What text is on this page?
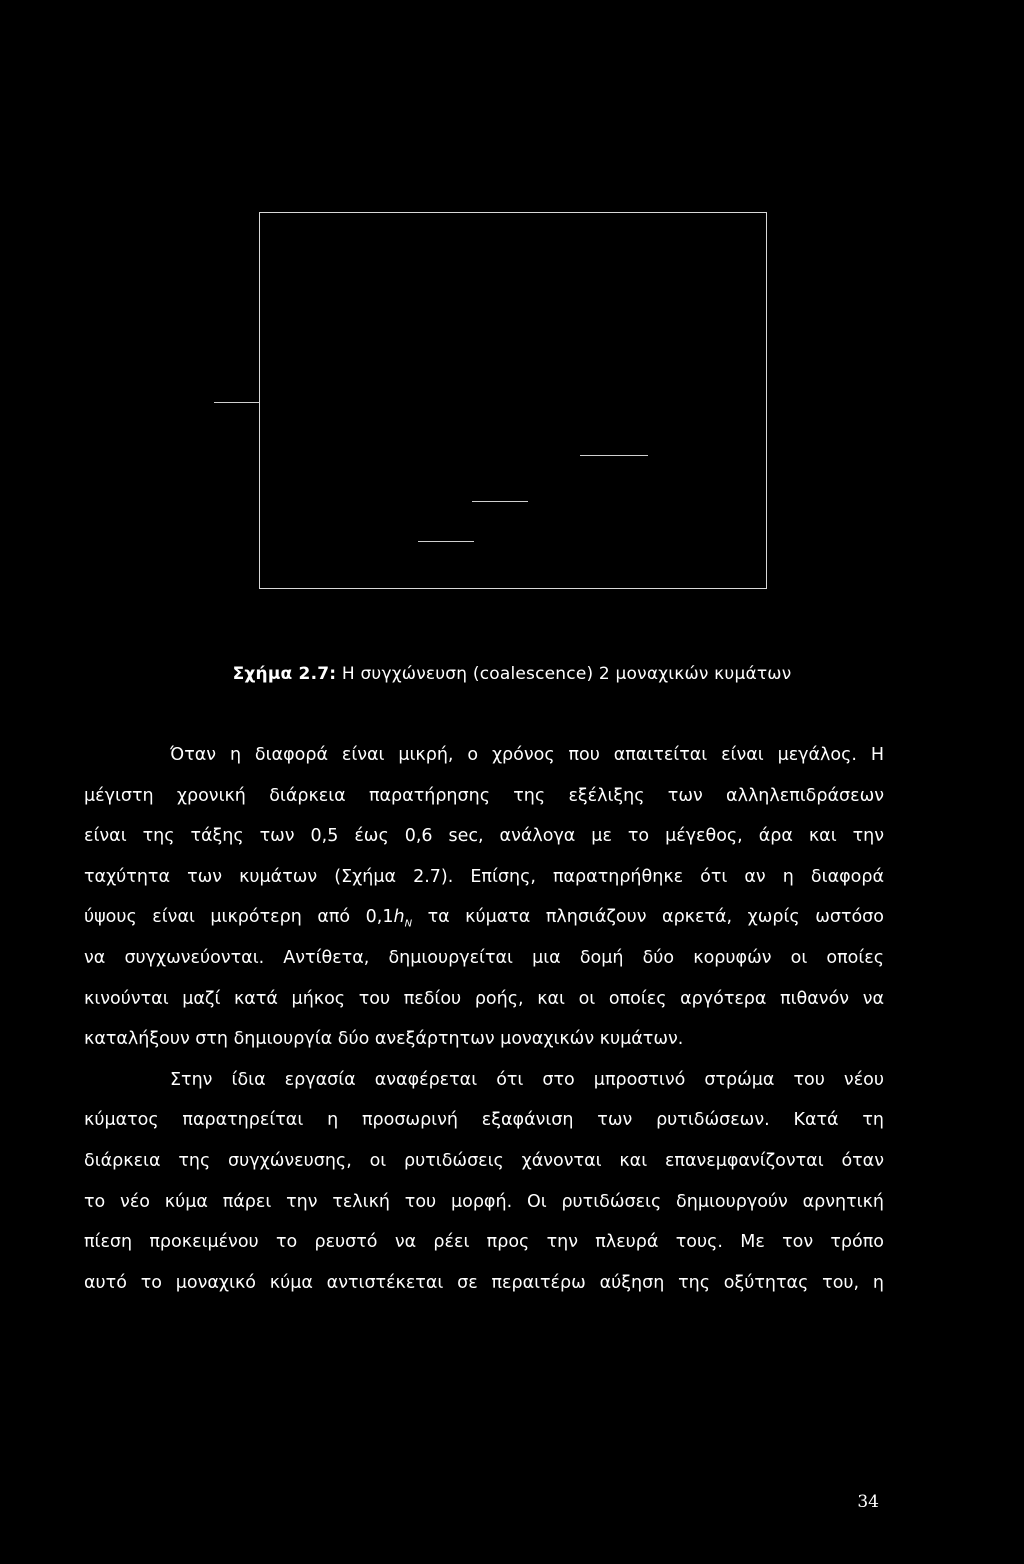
Σχήμα 2.7: Η συγχώνευση (coalescence) 2 μοναχικών κυμάτων
Όταν η διαφορά είναι μικρή, ο χρόνος που απαιτείται είναι μεγάλος. Η
μέγιστη χρονική διάρκεια παρατήρησης της εξέλιξης των αλληλεπιδράσεων
είναι της τάξης των 0,5 έως 0,6 sec, ανάλογα με το μέγεθος, άρα και την
ταχύτητα των κυμάτων (Σχήμα 2.7). Επίσης, παρατηρήθηκε ότι αν η διαφορά
ύψους είναι μικρότερη από $0,1h_N$ τα κύματα πλησιάζουν αρκετά, χωρίς ωστόσο
να συγχωνεύονται. Αντίθετα, δημιουργείται μια δομή δύο κορυφών οι οποίες
κινούνται μαζί κατά μήκος του πεδίου ροής, και οι οποίες αργότερα πιθανόν να
καταλήξουν στη δημιουργία δύο ανεξάρτητων μοναχικών κυμάτων.
Στην ίδια εργασία αναφέρεται ότι στο μπροστινό στρώμα του νέου
κύματος παρατηρείται η προσωρινή εξαφάνιση των ρυτιδώσεων. Κατά τη
διάρκεια της συγχώνευσης, οι ρυτιδώσεις χάνονται και επανεμφανίζονται όταν
το νέο κύμα πάρει την τελική του μορφή. Οι ρυτιδώσεις δημιουργούν αρνητική
πίεση προκειμένου το ρευστό να ρέει προς την πλευρά τους. Με τον τρόπο
αυτό το μοναχικό κύμα αντιστέκεται σε περαιτέρω αύξηση της οξύτητας του, η
34
